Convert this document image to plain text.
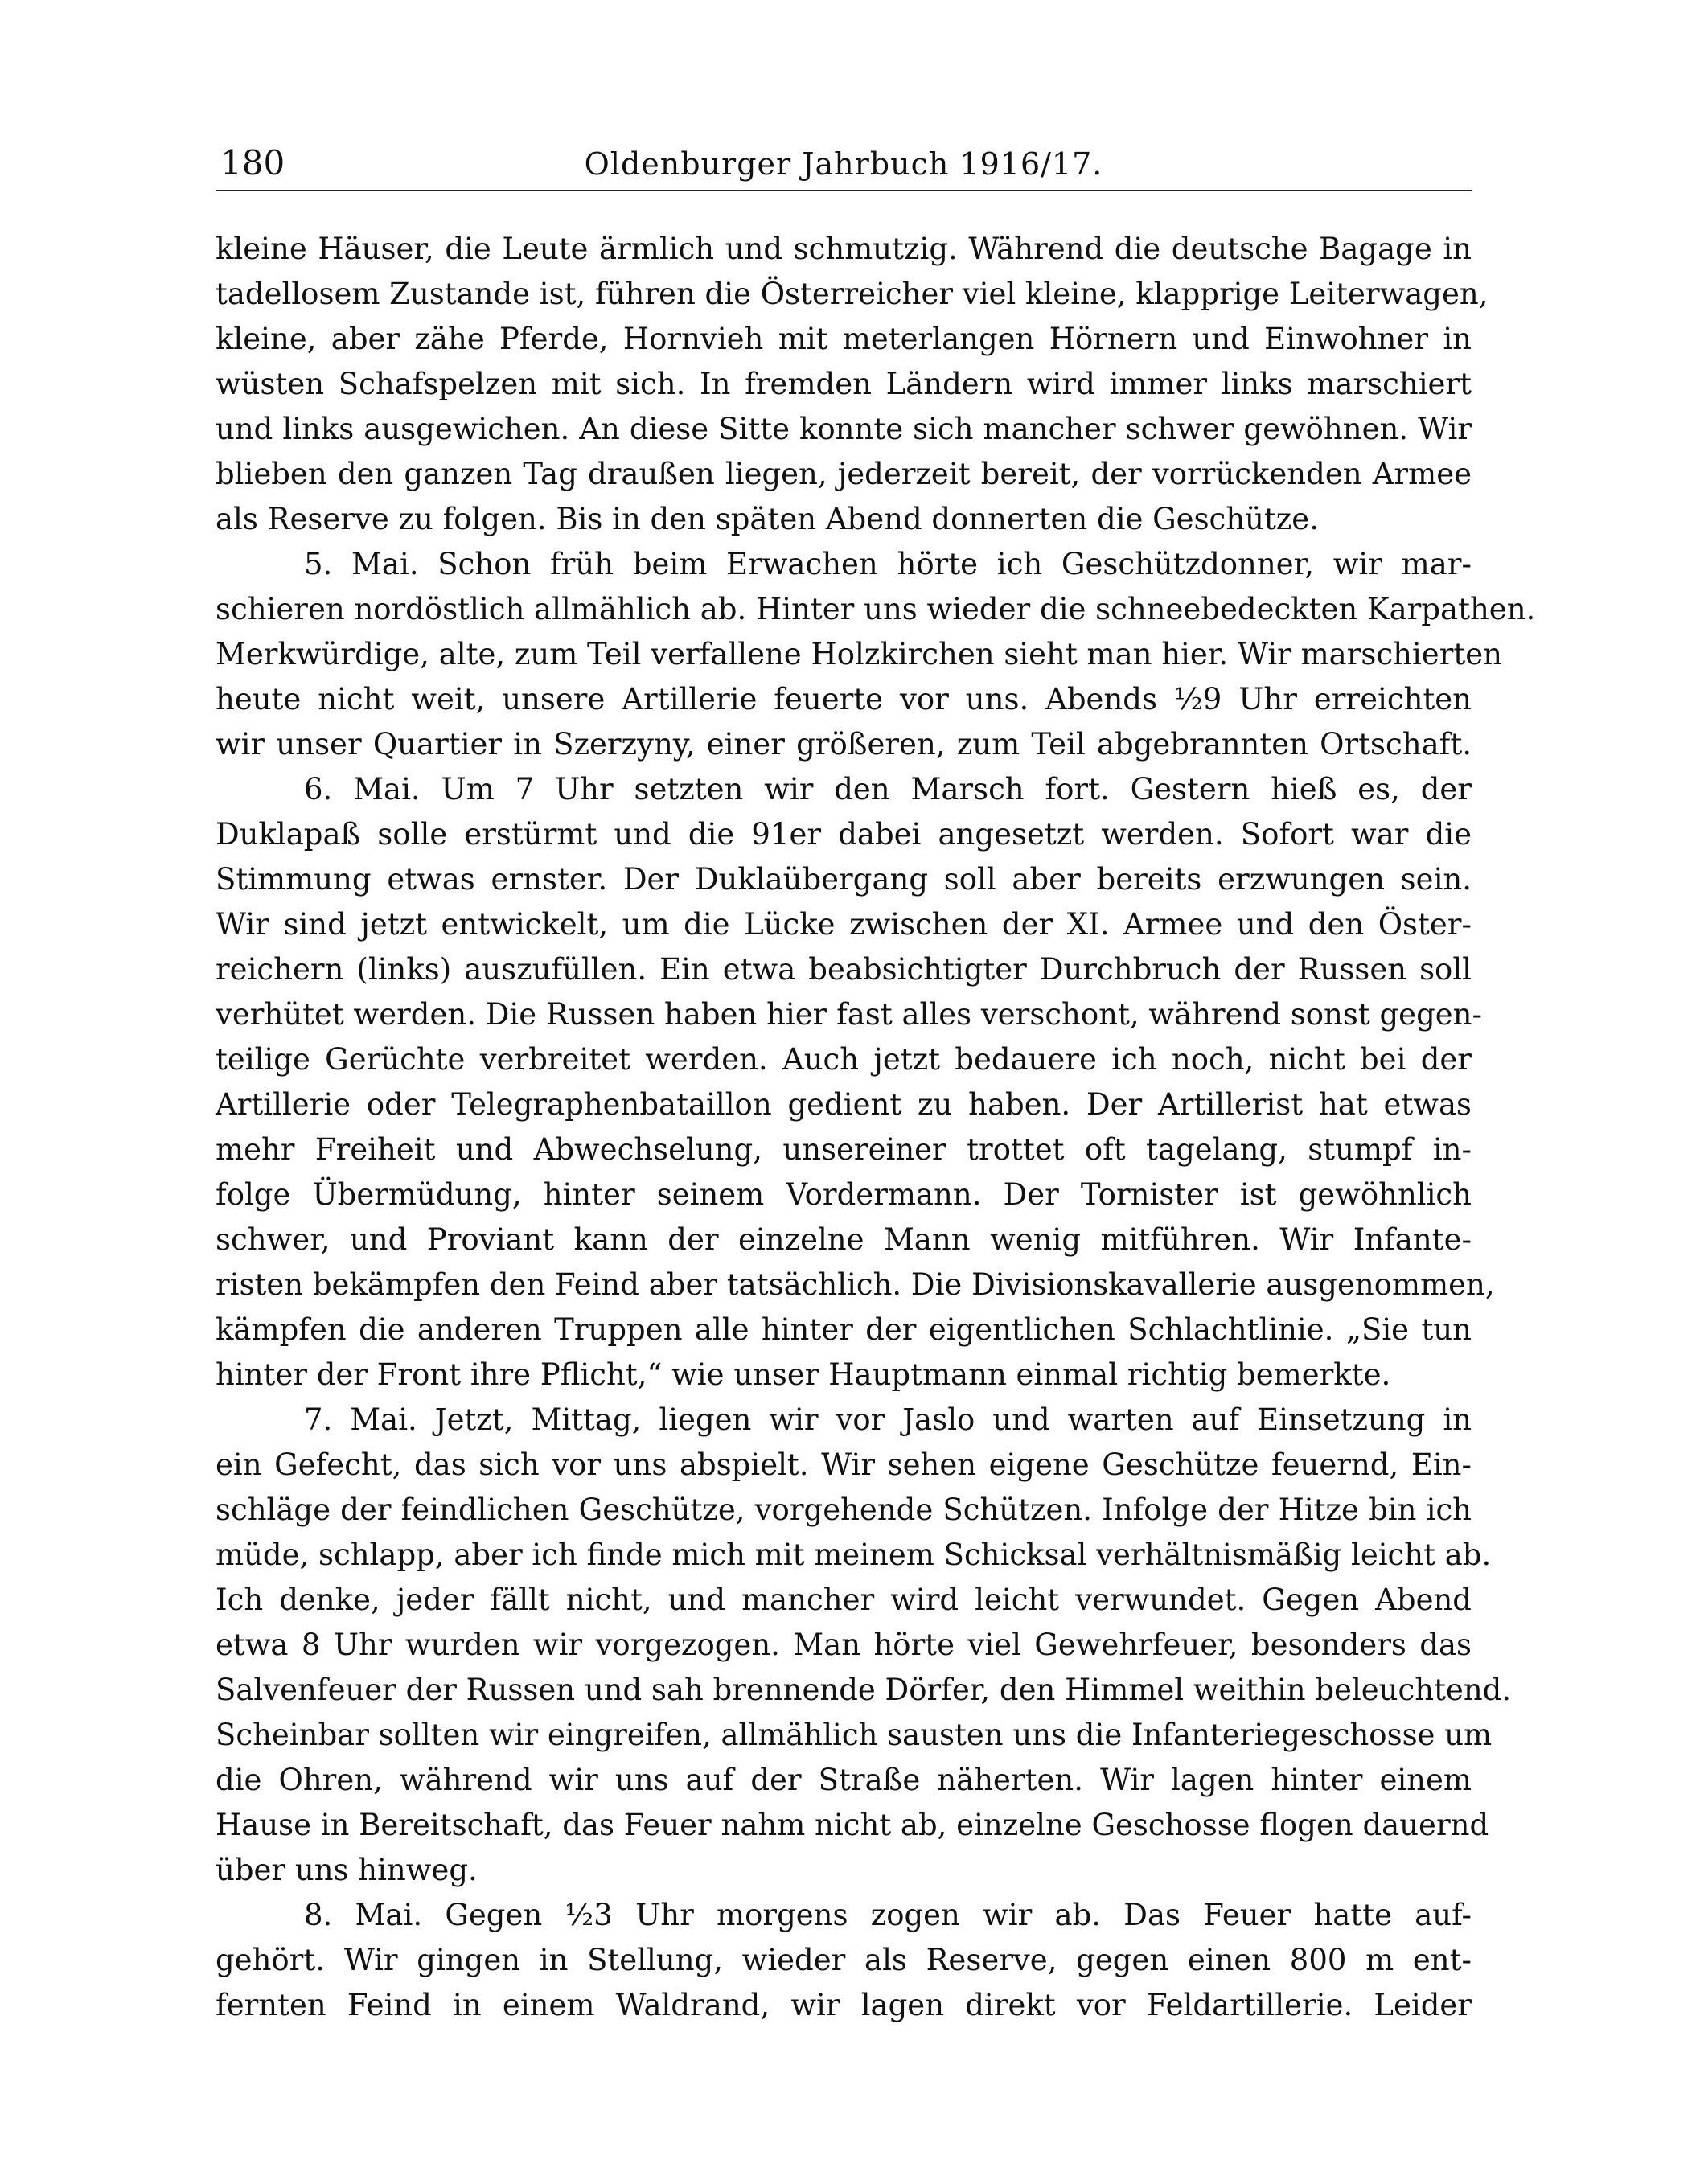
180	Oldenburger Jahrbuch 1916/17.
kleine Häuser, die Leute ärmlich und schmutzig. Während die deutsche Bagage in
tadellosem Zustande ist, führen die Österreicher viel kleine, klapprige Leiterwagen,
kleine, aber zähe Pferde, Hornvieh mit meterlangen Hörnern und Einwohner in
wüsten Schafspelzen mit sich. In fremden Ländern wird immer links marschiert
und links ausgewichen. An diese Sitte konnte sich mancher schwer gewöhnen. Wir
blieben den ganzen Tag draußen liegen, jederzeit bereit, der vorrückenden Armee
als Reserve zu folgen. Bis in den späten Abend donnerten die Geschütze.
5. Mai. Schon früh beim Erwachen hörte ich Geschützdonner, wir mar-
schieren nordöstlich allmählich ab. Hinter uns wieder die schneebedeckten Karpathen.
Merkwürdige, alte, zum Teil verfallene Holzkirchen sieht man hier. Wir marschierten
heute nicht weit, unsere Artillerie feuerte vor uns. Abends ½9 Uhr erreichten
wir unser Quartier in Szerzyny, einer größeren, zum Teil abgebrannten Ortschaft.
6. Mai. Um 7 Uhr setzten wir den Marsch fort. Gestern hieß es, der
Duklapaß solle erstürmt und die 91er dabei angesetzt werden. Sofort war die
Stimmung etwas ernster. Der Duklaübergang soll aber bereits erzwungen sein.
Wir sind jetzt entwickelt, um die Lücke zwischen der XI. Armee und den Öster-
reichern (links) auszufüllen. Ein etwa beabsichtigter Durchbruch der Russen soll
verhütet werden. Die Russen haben hier fast alles verschont, während sonst gegen-
teilige Gerüchte verbreitet werden. Auch jetzt bedauere ich noch, nicht bei der
Artillerie oder Telegraphenbataillon gedient zu haben. Der Artillerist hat etwas
mehr Freiheit und Abwechselung, unsereiner trottet oft tagelang, stumpf in-
folge Übermüdung, hinter seinem Vordermann. Der Tornister ist gewöhnlich
schwer, und Proviant kann der einzelne Mann wenig mitführen. Wir Infante-
risten bekämpfen den Feind aber tatsächlich. Die Divisionskavallerie ausgenommen,
kämpfen die anderen Truppen alle hinter der eigentlichen Schlachtlinie. „Sie tun
hinter der Front ihre Pflicht,“ wie unser Hauptmann einmal richtig bemerkte.
7. Mai. Jetzt, Mittag, liegen wir vor Jaslo und warten auf Einsetzung in
ein Gefecht, das sich vor uns abspielt. Wir sehen eigene Geschütze feuernd, Ein-
schläge der feindlichen Geschütze, vorgehende Schützen. Infolge der Hitze bin ich
müde, schlapp, aber ich finde mich mit meinem Schicksal verhältnismäßig leicht ab.
Ich denke, jeder fällt nicht, und mancher wird leicht verwundet. Gegen Abend
etwa 8 Uhr wurden wir vorgezogen. Man hörte viel Gewehrfeuer, besonders das
Salvenfeuer der Russen und sah brennende Dörfer, den Himmel weithin beleuchtend.
Scheinbar sollten wir eingreifen, allmählich sausten uns die Infanteriegeschosse um
die Ohren, während wir uns auf der Straße näherten. Wir lagen hinter einem
Hause in Bereitschaft, das Feuer nahm nicht ab, einzelne Geschosse flogen dauernd
über uns hinweg.
8. Mai. Gegen ½3 Uhr morgens zogen wir ab. Das Feuer hatte auf-
gehört. Wir gingen in Stellung, wieder als Reserve, gegen einen 800 m ent-
fernten Feind in einem Waldrand, wir lagen direkt vor Feldartillerie. Leider
